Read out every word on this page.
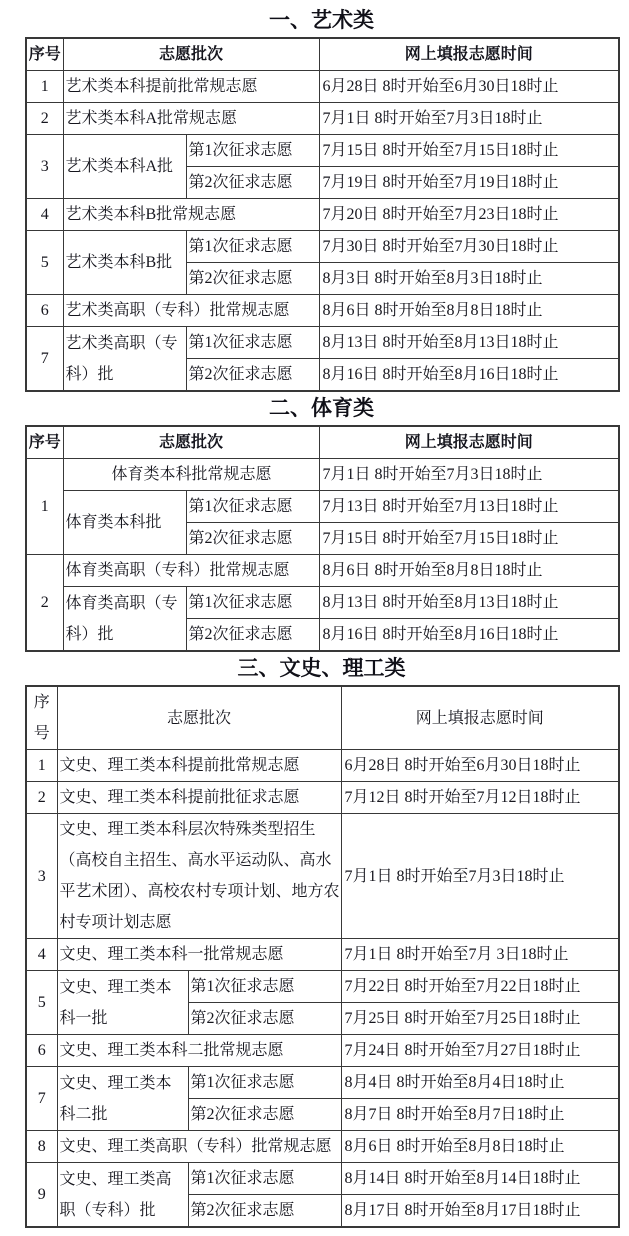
一、艺术类
序号	志愿批次		网上填报志愿时间
1	艺术类本科提前批常规志愿		6月28日 8时开始至6月30日18时止
2	艺术类本科A批常规志愿		7月1日 8时开始至7月3日18时止
3	艺术类本科A批	第1次征求志愿	7月15日 8时开始至7月15日18时止
		第2次征求志愿	7月19日 8时开始至7月19日18时止
4	艺术类本科B批常规志愿		7月20日 8时开始至7月23日18时止
5	艺术类本科B批	第1次征求志愿	7月30日 8时开始至7月30日18时止
		第2次征求志愿	8月3日 8时开始至8月3日18时止
6	艺术类高职（专科）批常规志愿		8月6日 8时开始至8月8日18时止
7	艺术类高职（专科）批	第1次征求志愿	8月13日 8时开始至8月13日18时止
		第2次征求志愿	8月16日 8时开始至8月16日18时止
二、体育类
序号	志愿批次		网上填报志愿时间
1	体育类本科批常规志愿		7月1日 8时开始至7月3日18时止
	体育类本科批	第1次征求志愿	7月13日 8时开始至7月13日18时止
		第2次征求志愿	7月15日 8时开始至7月15日18时止
2	体育类高职（专科）批常规志愿		8月6日 8时开始至8月8日18时止
	体育类高职（专科）批	第1次征求志愿	8月13日 8时开始至8月13日18时止
		第2次征求志愿	8月16日 8时开始至8月16日18时止
三、文史、理工类
序号	志愿批次		网上填报志愿时间
1	文史、理工类本科提前批常规志愿		6月28日 8时开始至6月30日18时止
2	文史、理工类本科提前批征求志愿		7月12日 8时开始至7月12日18时止
3	文史、理工类本科层次特殊类型招生（高校自主招生、高水平运动队、高水平艺术团）、高校农村专项计划、地方农村专项计划志愿		7月1日 8时开始至7月3日18时止
4	文史、理工类本科一批常规志愿		7月1日 8时开始至7月 3日18时止
5	文史、理工类本科一批	第1次征求志愿	7月22日 8时开始至7月22日18时止
		第2次征求志愿	7月25日 8时开始至7月25日18时止
6	文史、理工类本科二批常规志愿		7月24日 8时开始至7月27日18时止
7	文史、理工类本科二批	第1次征求志愿	8月4日 8时开始至8月4日18时止
		第2次征求志愿	8月7日 8时开始至8月7日18时止
8	文史、理工类高职（专科）批常规志愿		8月6日 8时开始至8月8日18时止
9	文史、理工类高职（专科）批	第1次征求志愿	8月14日 8时开始至8月14日18时止
		第2次征求志愿	8月17日 8时开始至8月17日18时止
